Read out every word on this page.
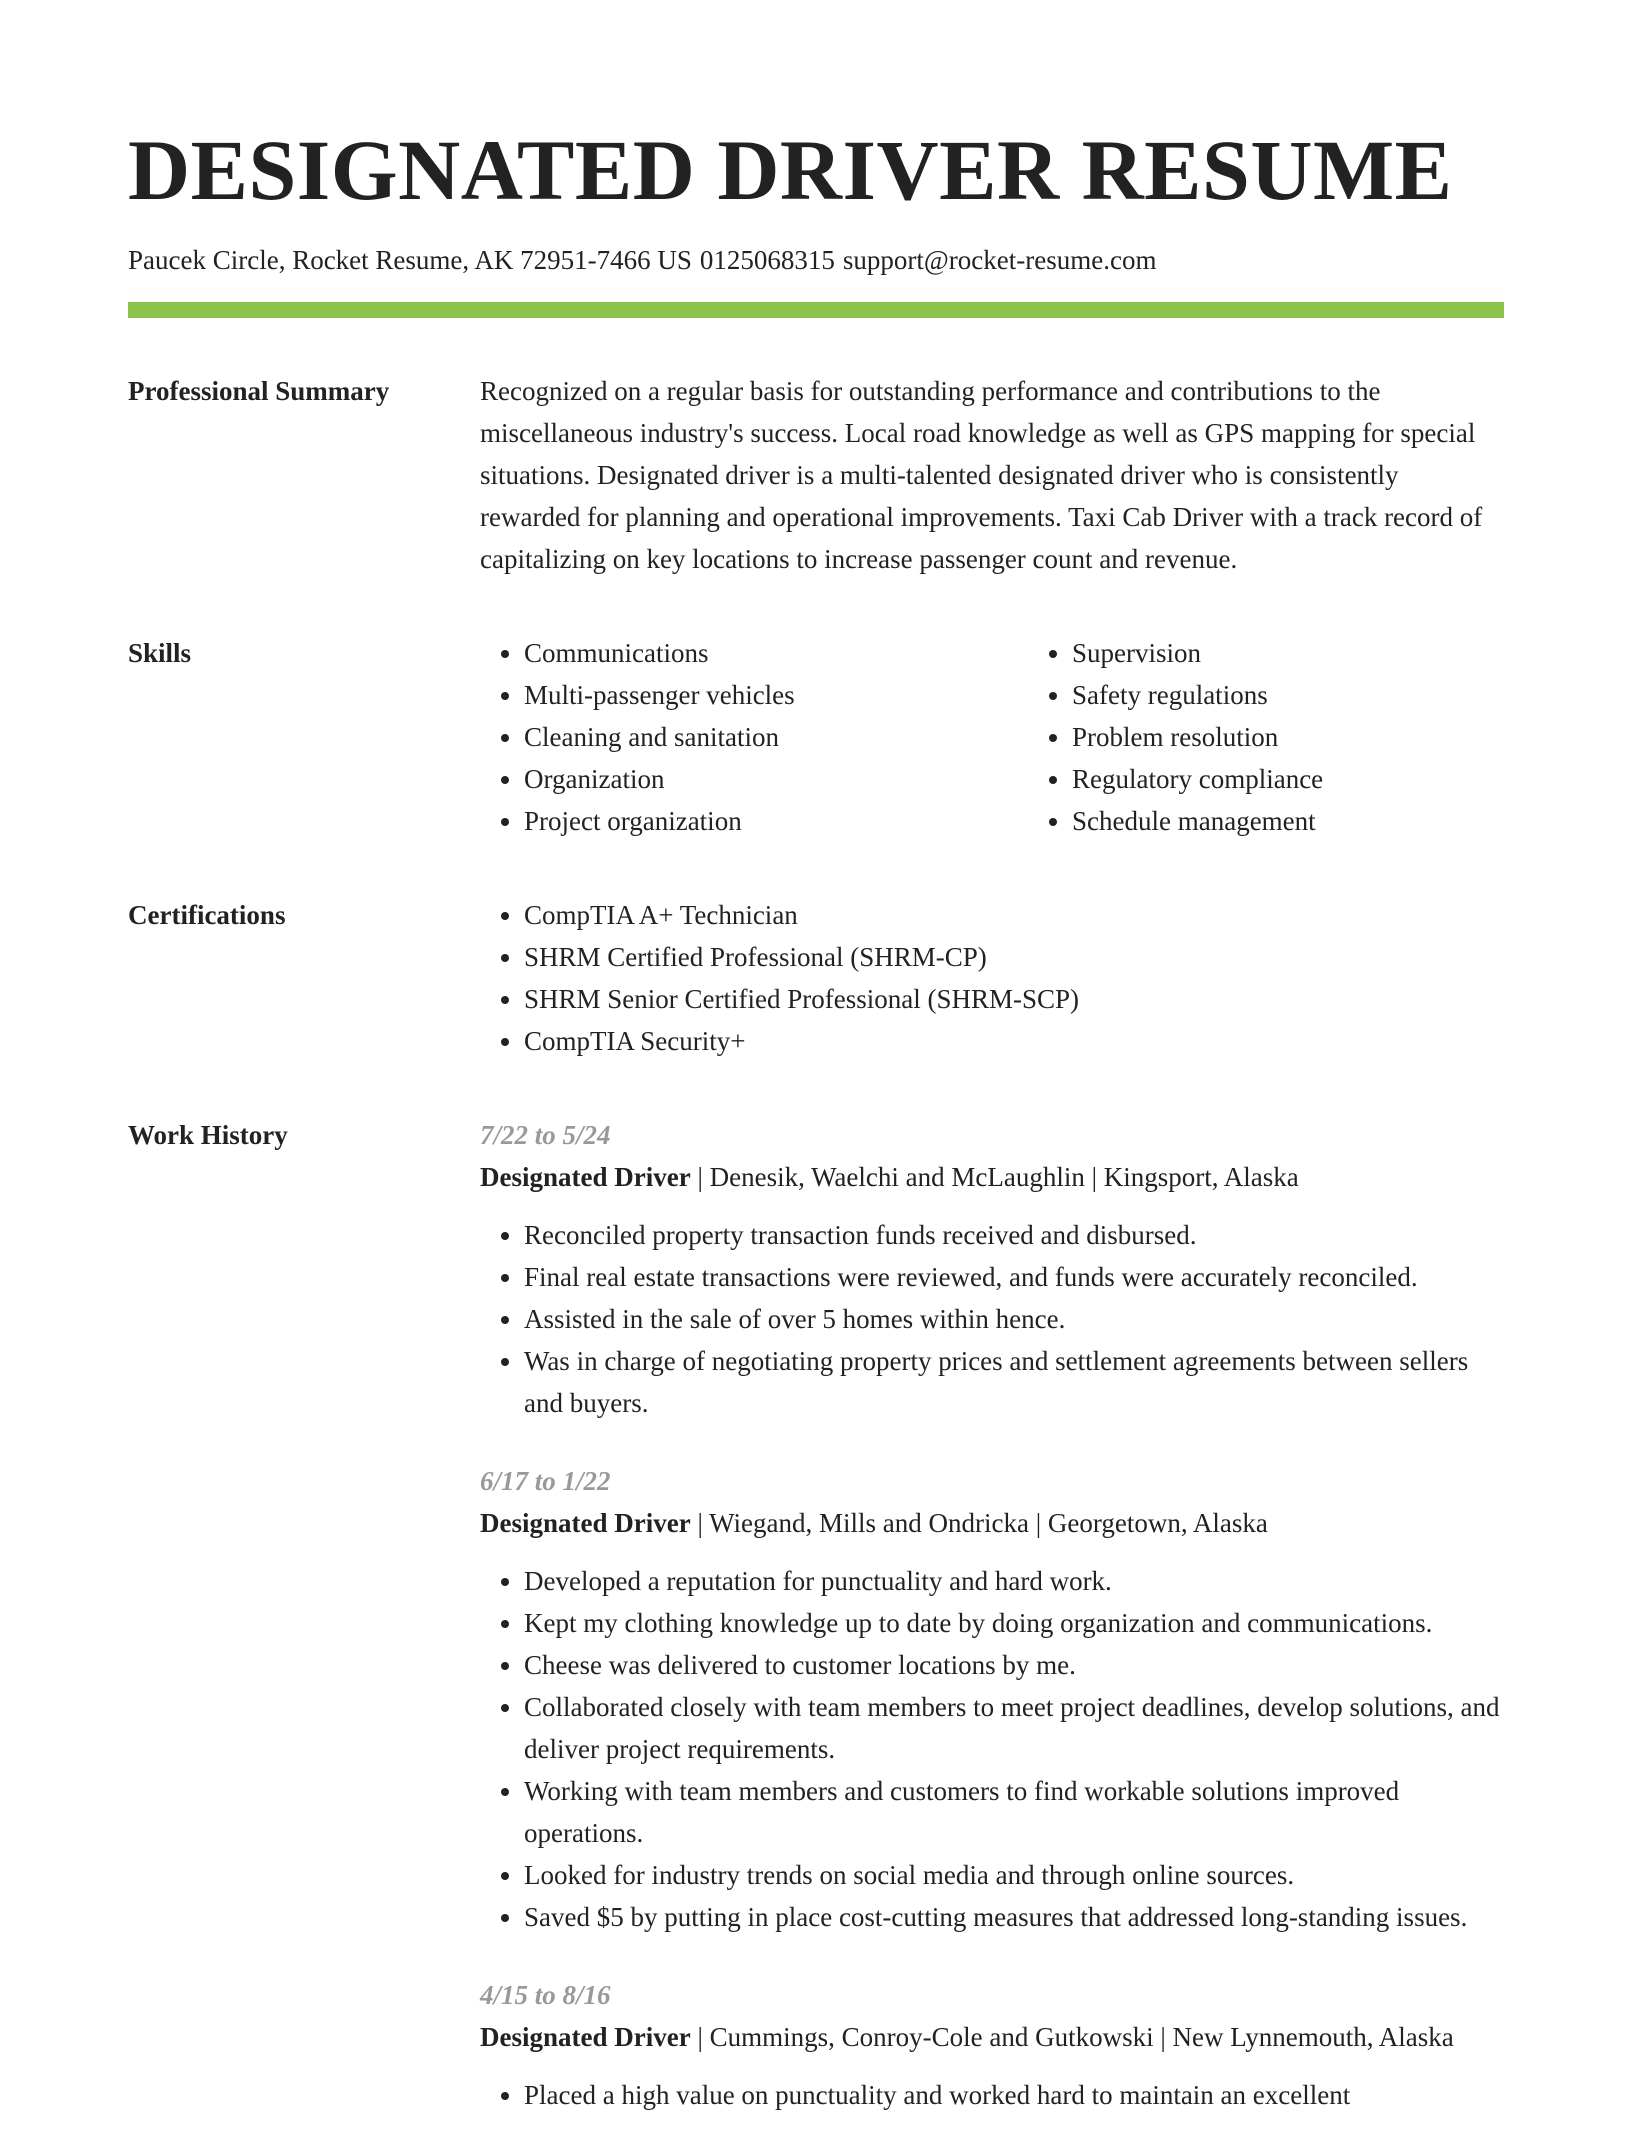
DESIGNATED DRIVER RESUME
Paucek Circle, Rocket Resume, AK 72951-7466 US 0125068315 support@rocket-resume.com
Professional Summary	Recognized on a regular basis for outstanding performance and contributions to the miscellaneous industry's success. Local road knowledge as well as GPS mapping for special situations. Designated driver is a multi-talented designated driver who is consistently rewarded for planning and operational improvements. Taxi Cab Driver with a track record of capitalizing on key locations to increase passenger count and revenue.

Skills	• Communications
• Multi-passenger vehicles
• Cleaning and sanitation
• Organization
• Project organization
• Supervision
• Safety regulations
• Problem resolution
• Regulatory compliance
• Schedule management
Certifications	• CompTIA A+ Technician
• SHRM Certified Professional (SHRM-CP)
• SHRM Senior Certified Professional (SHRM-SCP)
• CompTIA Security+
Work History	7/22 to 5/24
Designated Driver | Denesik, Waelchi and McLaughlin | Kingsport, Alaska
• Reconciled property transaction funds received and disbursed.
• Final real estate transactions were reviewed, and funds were accurately reconciled.
• Assisted in the sale of over 5 homes within hence.
• Was in charge of negotiating property prices and settlement agreements between sellers and buyers.
6/17 to 1/22
Designated Driver | Wiegand, Mills and Ondricka | Georgetown, Alaska
• Developed a reputation for punctuality and hard work.
• Kept my clothing knowledge up to date by doing organization and communications.
• Cheese was delivered to customer locations by me.
• Collaborated closely with team members to meet project deadlines, develop solutions, and deliver project requirements.
• Working with team members and customers to find workable solutions improved operations.
• Looked for industry trends on social media and through online sources.
• Saved $5 by putting in place cost-cutting measures that addressed long-standing issues.
4/15 to 8/16
Designated Driver | Cummings, Conroy-Cole and Gutkowski | New Lynnemouth, Alaska
• Placed a high value on punctuality and worked hard to maintain an excellent
